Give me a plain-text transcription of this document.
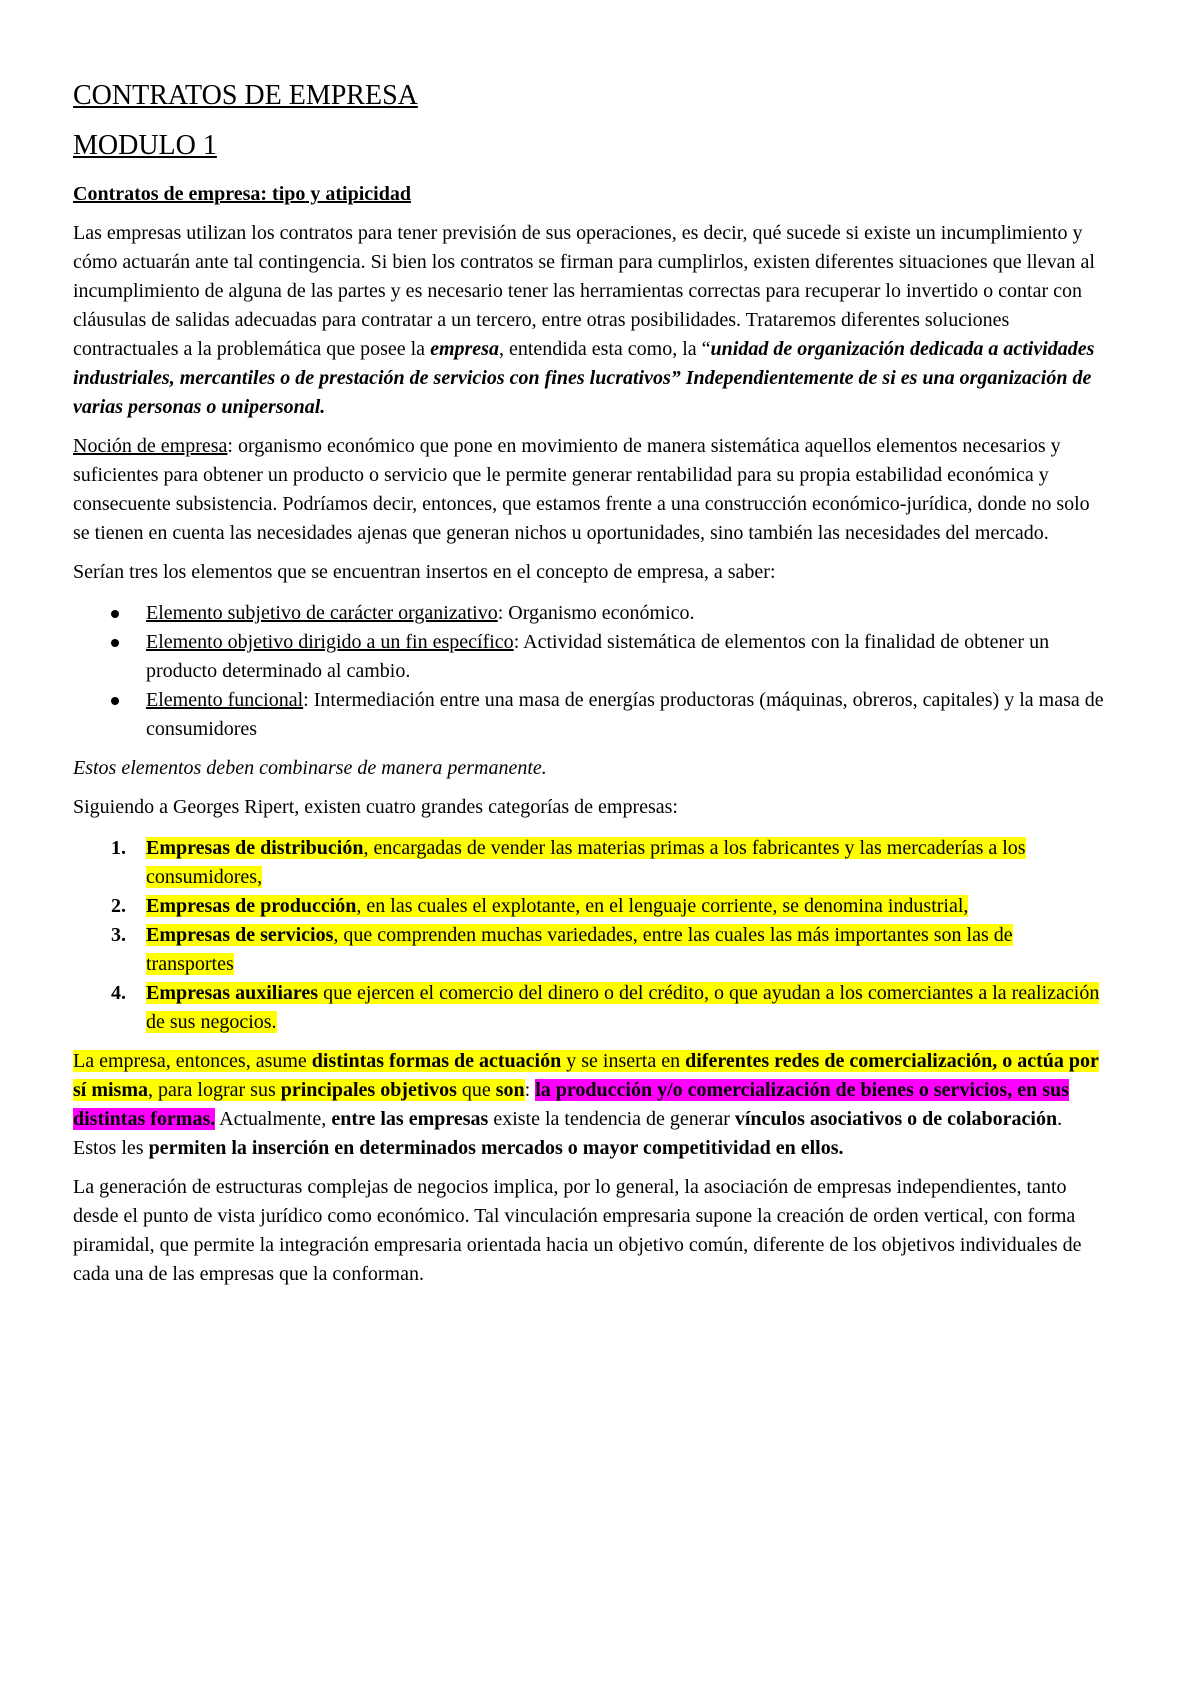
CONTRATOS DE EMPRESA
MODULO 1
Contratos de empresa: tipo y atipicidad

Las empresas utilizan los contratos para tener previsión de sus operaciones, es decir, qué sucede si existe un incumplimiento y cómo actuarán ante tal contingencia. Si bien los contratos se firman para cumplirlos, existen diferentes situaciones que llevan al incumplimiento de alguna de las partes y es necesario tener las herramientas correctas para recuperar lo invertido o contar con cláusulas de salidas adecuadas para contratar a un tercero, entre otras posibilidades. Trataremos diferentes soluciones contractuales a la problemática que posee la empresa, entendida esta como, la “unidad de organización dedicada a actividades industriales, mercantiles o de prestación de servicios con fines lucrativos” Independientemente de si es una organización de varias personas o unipersonal.

Noción de empresa: organismo económico que pone en movimiento de manera sistemática aquellos elementos necesarios y suficientes para obtener un producto o servicio que le permite generar rentabilidad para su propia estabilidad económica y consecuente subsistencia. Podríamos decir, entonces, que estamos frente a una construcción económico-jurídica, donde no solo se tienen en cuenta las necesidades ajenas que generan nichos u oportunidades, sino también las necesidades del mercado.

Serían tres los elementos que se encuentran insertos en el concepto de empresa, a saber:

Elemento subjetivo de carácter organizativo: Organismo económico.
Elemento objetivo dirigido a un fin específico: Actividad sistemática de elementos con la finalidad de obtener un producto determinado al cambio.
Elemento funcional: Intermediación entre una masa de energías productoras (máquinas, obreros, capitales) y la masa de consumidores

Estos elementos deben combinarse de manera permanente.

Siguiendo a Georges Ripert, existen cuatro grandes categorías de empresas:

1. Empresas de distribución, encargadas de vender las materias primas a los fabricantes y las mercaderías a los consumidores,
2. Empresas de producción, en las cuales el explotante, en el lenguaje corriente, se denomina industrial,
3. Empresas de servicios, que comprenden muchas variedades, entre las cuales las más importantes son las de transportes
4. Empresas auxiliares que ejercen el comercio del dinero o del crédito, o que ayudan a los comerciantes a la realización de sus negocios.

La empresa, entonces, asume distintas formas de actuación y se inserta en diferentes redes de comercialización, o actúa por sí misma, para lograr sus principales objetivos que son: la producción y/o comercialización de bienes o servicios, en sus distintas formas. Actualmente, entre las empresas existe la tendencia de generar vínculos asociativos o de colaboración. Estos les permiten la inserción en determinados mercados o mayor competitividad en ellos.

La generación de estructuras complejas de negocios implica, por lo general, la asociación de empresas independientes, tanto desde el punto de vista jurídico como económico. Tal vinculación empresaria supone la creación de orden vertical, con forma piramidal, que permite la integración empresaria orientada hacia un objetivo común, diferente de los objetivos individuales de cada una de las empresas que la conforman.
